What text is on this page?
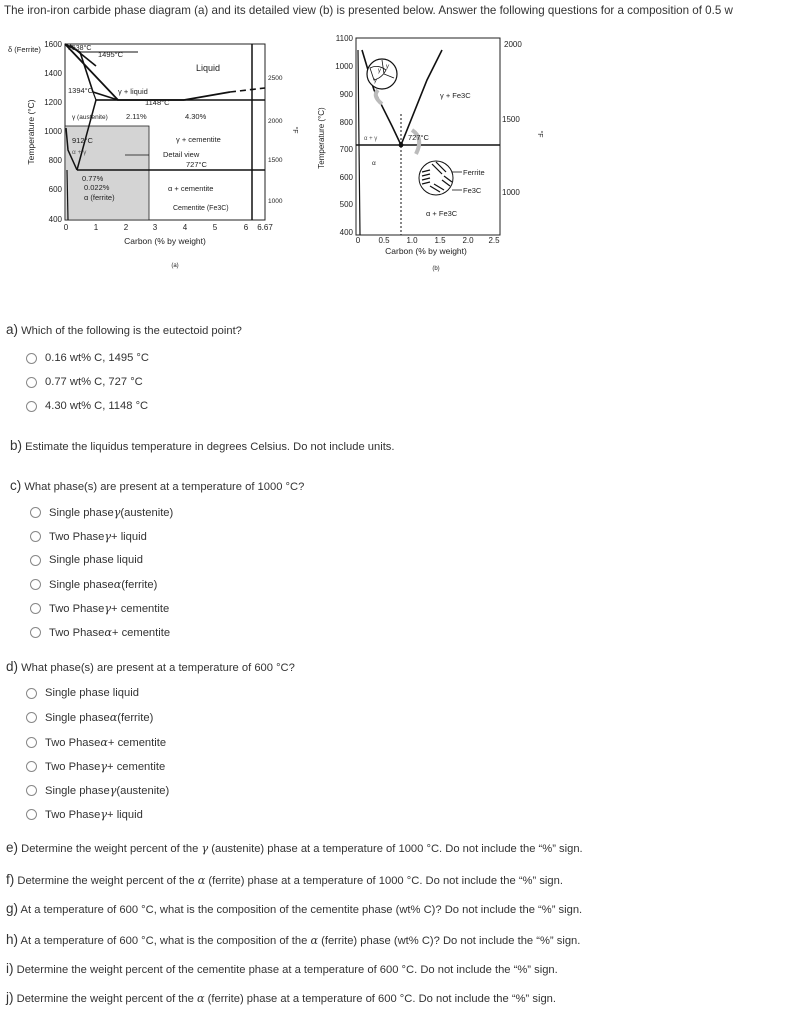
The iron-iron carbide phase diagram (a) and its detailed view (b) is presented below. Answer the following questions for a composition of 0.5 w
1600
1400
1200
1000
800
600
400
Temperature (°C)
0	1	2	3	4	5	6 6.67
Carbon (% by weight)
(a)
2500
2000
1500
1000
°F
δ (Ferrite)	1538°C
1495°C
Liquid
1394°C	γ + liquid
1148°C
γ (austenite) 2.11%	4.30%
γ + cementite
Detail view
727°C
912°C
α + γ
0.77%
0.022%
α (ferrite)
α + cementite
Cementite (Fe3C)
γ
γ
γ
1100
1000
900
800
700
600
500
400
Temperature (°C)
0 0.5 1.0 1.5 2.0 2.5
Carbon (% by weight)
(b)
2000
1500
1000
°F
γ + Fe3C
α + γ	727°C
α
Ferrite
Fe3C
α + Fe3C
a) Which of the following is the eutectoid point?
0.16 wt% C, 1495 °C
0.77 wt% C, 727 °C
4.30 wt% C, 1148 °C
b) Estimate the liquidus temperature in degrees Celsius. Do not include units.
c) What phase(s) are present at a temperature of 1000 °C?
Single phase γ (austenite)
Two Phase γ + liquid
Single phase liquid
Single phase α (ferrite)
Two Phase γ + cementite
Two Phase α + cementite
d) What phase(s) are present at a temperature of 600 °C?
Single phase liquid
Single phase α (ferrite)
Two Phase α + cementite
Two Phase γ + cementite
Single phase γ (austenite)
Two Phase γ + liquid
e) Determine the weight percent of the γ (austenite) phase at a temperature of 1000 °C. Do not include the “%” sign.
f) Determine the weight percent of the α (ferrite) phase at a temperature of 1000 °C. Do not include the “%” sign.
g) At a temperature of 600 °C, what is the composition of the cementite phase (wt% C)? Do not include the “%” sign.
h) At a temperature of 600 °C, what is the composition of the α (ferrite) phase (wt% C)? Do not include the “%” sign.
i) Determine the weight percent of the cementite phase at a temperature of 600 °C. Do not include the “%” sign.
j) Determine the weight percent of the α (ferrite) phase at a temperature of 600 °C. Do not include the “%” sign.
